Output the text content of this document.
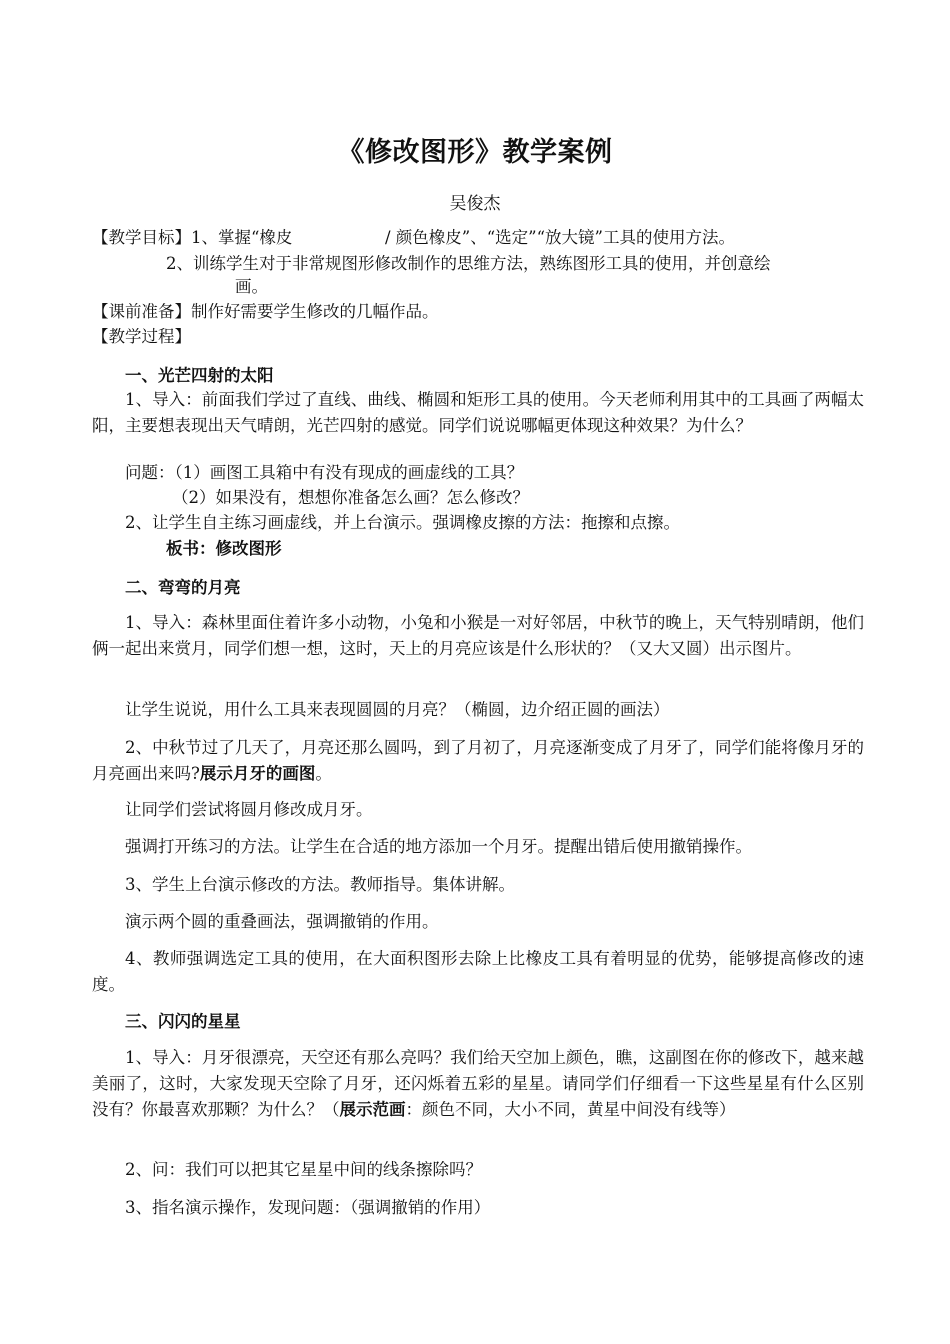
《修改图形》教学案例
吴俊杰
【教学目标】1、掌握“橡皮	/ 颜色橡皮”、“选定”“放大镜”工具的使用方法。
2、训练学生对于非常规图形修改制作的思维方法，熟练图形工具的使用，并创意绘
画。
【课前准备】制作好需要学生修改的几幅作品。
【教学过程】
一、光芒四射的太阳
1、导入：前面我们学过了直线、曲线、椭圆和矩形工具的使用。今天老师利用其中的工具画了两幅太阳，主要想表现出天气晴朗，光芒四射的感觉。同学们说说哪幅更体现这种效果？为什么？
问题：（1）画图工具箱中有没有现成的画虚线的工具？
（2）如果没有，想想你准备怎么画？怎么修改？
2、让学生自主练习画虚线，并上台演示。强调橡皮擦的方法：拖擦和点擦。
板书：修改图形
二、弯弯的月亮
1、导入：森林里面住着许多小动物，小兔和小猴是一对好邻居，中秋节的晚上，天气特别晴朗，他们俩一起出来赏月，同学们想一想，这时，天上的月亮应该是什么形状的？（又大又圆）出示图片。
让学生说说，用什么工具来表现圆圆的月亮？（椭圆，边介绍正圆的画法）
2、中秋节过了几天了，月亮还那么圆吗，到了月初了，月亮逐渐变成了月牙了，同学们能将像月牙的月亮画出来吗?展示月牙的画图。
让同学们尝试将圆月修改成月牙。
强调打开练习的方法。让学生在合适的地方添加一个月牙。提醒出错后使用撤销操作。
3、学生上台演示修改的方法。教师指导。集体讲解。
演示两个圆的重叠画法，强调撤销的作用。
4、教师强调选定工具的使用，在大面积图形去除上比橡皮工具有着明显的优势，能够提高修改的速度。
三、闪闪的星星
1、导入：月牙很漂亮，天空还有那么亮吗？我们给天空加上颜色，瞧，这副图在你的修改下，越来越美丽了，这时，大家发现天空除了月牙，还闪烁着五彩的星星。请同学们仔细看一下这些星星有什么区别没有？你最喜欢那颗？为什么？（展示范画：颜色不同，大小不同，黄星中间没有线等）
2、问：我们可以把其它星星中间的线条擦除吗？
3、指名演示操作，发现问题：（强调撤销的作用）
